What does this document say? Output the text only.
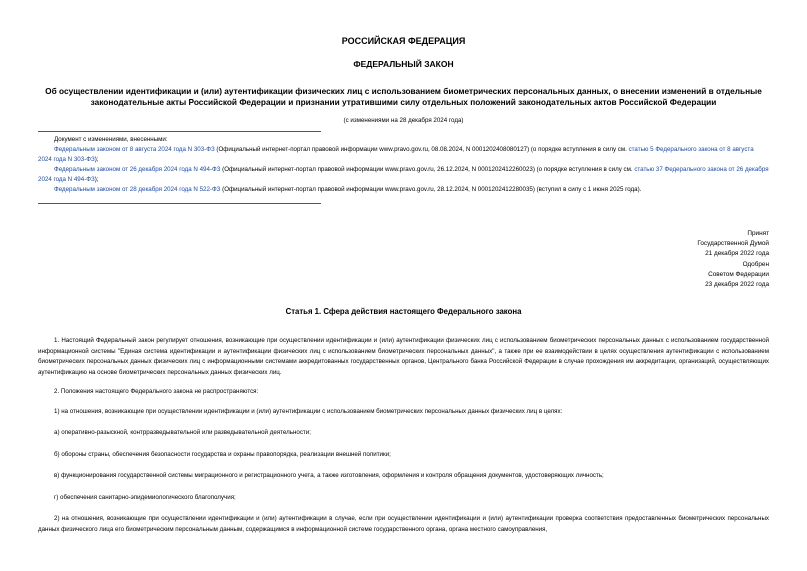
РОССИЙСКАЯ ФЕДЕРАЦИЯ
ФЕДЕРАЛЬНЫЙ ЗАКОН
Об осуществлении идентификации и (или) аутентификации физических лиц с использованием биометрических персональных данных, о внесении изменений в отдельные законодательные акты Российской Федерации и признании утратившими силу отдельных положений законодательных актов Российской Федерации
(с изменениями на 28 декабря 2024 года)
Документ с изменениями, внесенными:

Федеральным законом от 8 августа 2024 года N 303-ФЗ (Официальный интернет-портал правовой информации www.pravo.gov.ru, 08.08.2024, N 0001202408080127) (о порядке вступления в силу см. статью 5 Федерального закона от 8 августа 2024 года N 303-ФЗ);

Федеральным законом от 26 декабря 2024 года N 494-ФЗ (Официальный интернет-портал правовой информации www.pravo.gov.ru, 26.12.2024, N 0001202412260023) (о порядке вступления в силу см. статью 37 Федерального закона от 26 декабря 2024 года N 494-ФЗ);

Федеральным законом от 28 декабря 2024 года N 522-ФЗ (Официальный интернет-портал правовой информации www.pravo.gov.ru, 28.12.2024, N 0001202412280035) (вступил в силу с 1 июня 2025 года).

Принят
Государственной Думой
21 декабря 2022 года
Одобрен
Советом Федерации
23 декабря 2022 года
Статья 1. Сфера действия настоящего Федерального закона

1. Настоящий Федеральный закон регулирует отношения, возникающие при осуществлении идентификации и (или) аутентификации физических лиц с использованием биометрических персональных данных с использованием государственной информационной системы "Единая система идентификации и аутентификации физических лиц с использованием биометрических персональных данных", а также при ее взаимодействии в целях осуществления аутентификации с использованием биометрических персональных данных физических лиц с информационными системами аккредитованных государственных органов, Центрального банка Российской Федерации в случае прохождения им аккредитации, организаций, осуществляющих аутентификацию на основе биометрических персональных данных физических лиц.

2. Положения настоящего Федерального закона не распространяются:

1) на отношения, возникающие при осуществлении идентификации и (или) аутентификации с использованием биометрических персональных данных физических лиц в целях:

а) оперативно-разыскной, контрразведывательной или разведывательной деятельности;

б) обороны страны, обеспечения безопасности государства и охраны правопорядка, реализации внешней политики;

в) функционирования государственной системы миграционного и регистрационного учета, а также изготовления, оформления и контроля обращения документов, удостоверяющих личность;

г) обеспечения санитарно-эпидемиологического благополучия;

2) на отношения, возникающие при осуществлении идентификации и (или) аутентификации в случае, если при осуществлении идентификации и (или) аутентификации проверка соответствия предоставленных биометрических персональных данных физического лица его биометрическим персональным данным, содержащимся в информационной системе государственного органа, органа местного самоуправления,
